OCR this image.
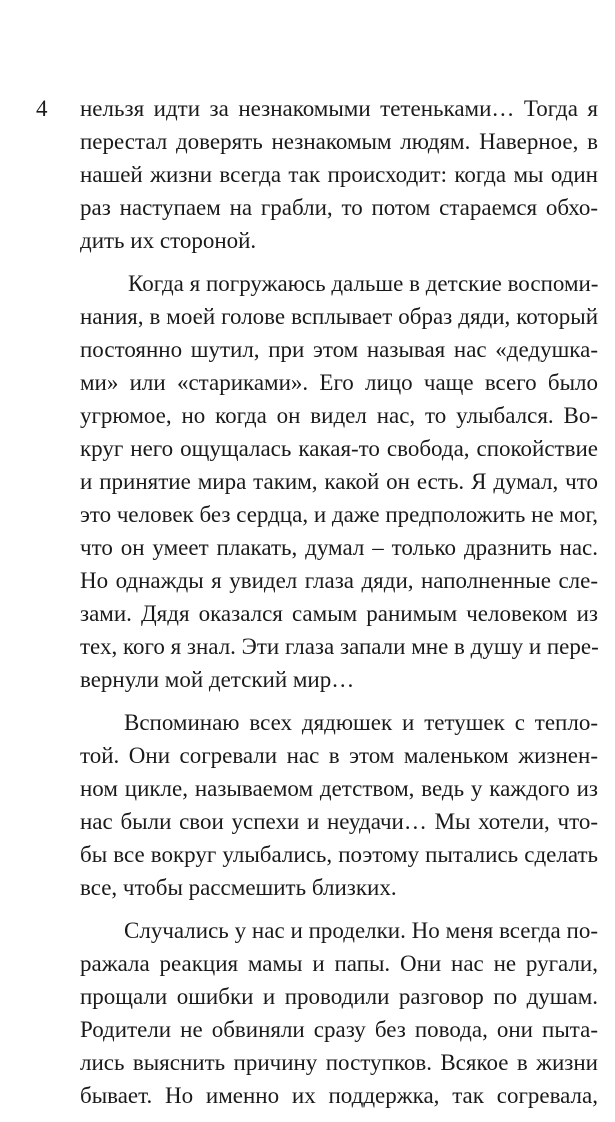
4 нельзя идти за незнакомыми тетеньками… Тогда я
перестал доверять незнакомым людям. Наверное, в
нашей жизни всегда так происходит: когда мы один
раз наступаем на грабли, то потом стараемся обхо-
дить их стороной.
Когда я погружаюсь дальше в детские воспоми-
нания, в моей голове всплывает образ дяди, который
постоянно шутил, при этом называя нас «дедушка-
ми» или «стариками». Его лицо чаще всего было
угрюмое, но когда он видел нас, то улыбался. Во-
круг него ощущалась какая-то свобода, спокойствие
и принятие мира таким, какой он есть. Я думал, что
это человек без сердца, и даже предположить не мог,
что он умеет плакать, думал – только дразнить нас.
Но однажды я увидел глаза дяди, наполненные сле-
зами. Дядя оказался самым ранимым человеком из
тех, кого я знал. Эти глаза запали мне в душу и пере-
вернули мой детский мир…
Вспоминаю всех дядюшек и тетушек с тепло-
той. Они согревали нас в этом маленьком жизнен-
ном цикле, называемом детством, ведь у каждого из
нас были свои успехи и неудачи… Мы хотели, что-
бы все вокруг улыбались, поэтому пытались сделать
все, чтобы рассмешить близких.
Случались у нас и проделки. Но меня всегда по-
ражала реакция мамы и папы. Они нас не ругали,
прощали ошибки и проводили разговор по душам.
Родители не обвиняли сразу без повода, они пыта-
лись выяснить причину поступков. Всякое в жизни
бывает. Но именно их поддержка, так согревала,
